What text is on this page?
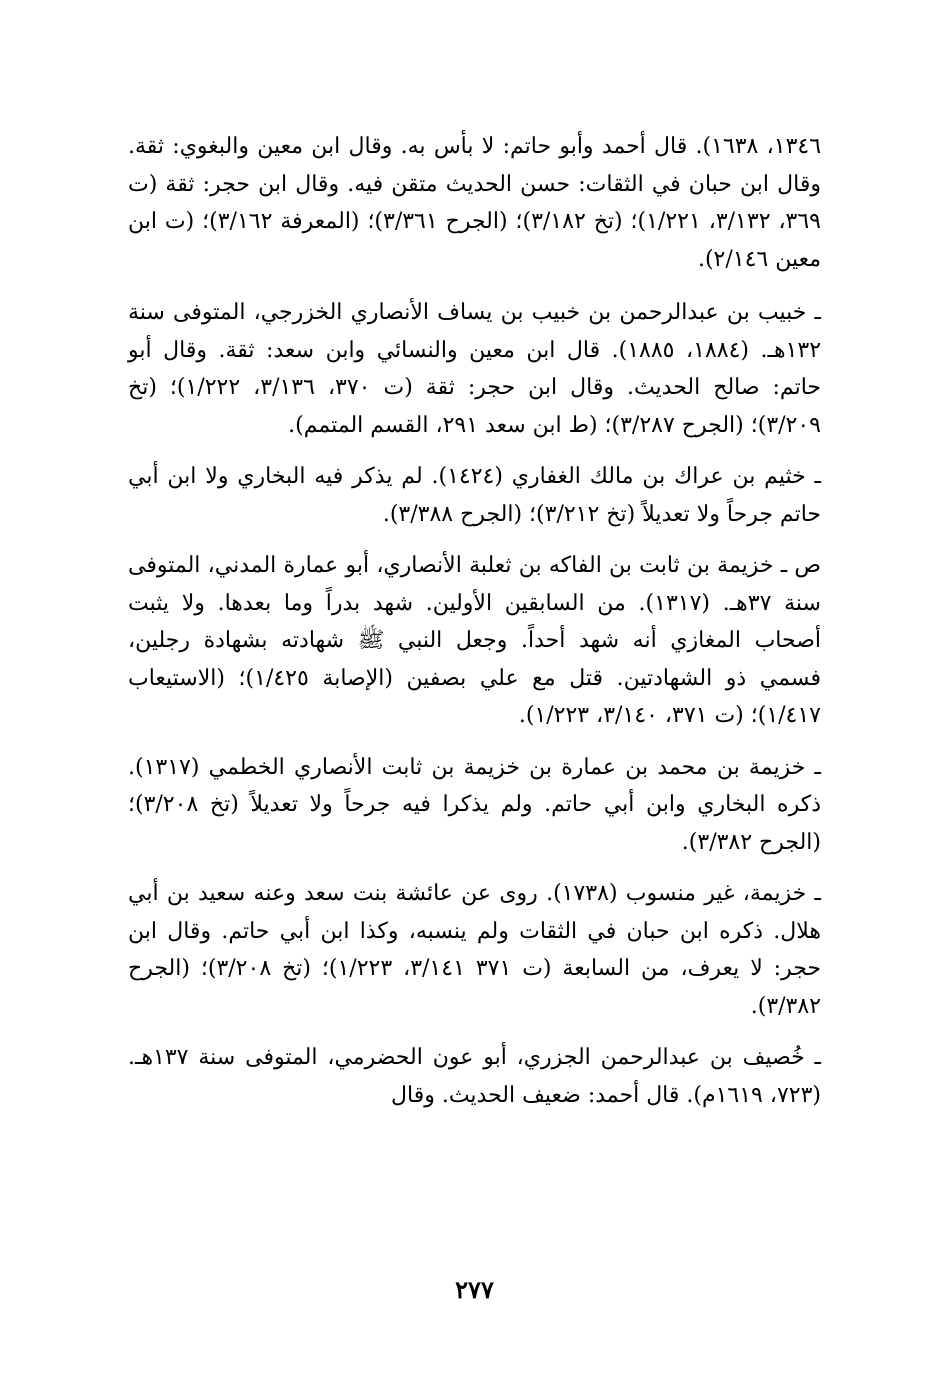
١٣٤٦، ١٦٣٨). قال أحمد وأبو حاتم: لا بأس به. وقال ابن معين والبغوي: ثقة. وقال ابن حبان في الثقات: حسن الحديث متقن فيه. وقال ابن حجر: ثقة (ت ٣٦٩، ٣/١٣٢، ١/٢٢١)؛ (تخ ٣/١٨٢)؛ (الجرح ٣/٣٦١)؛ (المعرفة ٣/١٦٢)؛ (ت ابن معين ٢/١٤٦).

ـ خبيب بن عبدالرحمن بن خبيب بن يساف الأنصاري الخزرجي، المتوفى سنة ١٣٢هـ. (١٨٨٤، ١٨٨٥). قال ابن معين والنسائي وابن سعد: ثقة. وقال أبو حاتم: صالح الحديث. وقال ابن حجر: ثقة (ت ٣٧٠، ٣/١٣٦، ١/٢٢٢)؛ (تخ ٣/٢٠٩)؛ (الجرح ٣/٢٨٧)؛ (ط ابن سعد ٢٩١، القسم المتمم).

ـ خثيم بن عراك بن مالك الغفاري (١٤٢٤). لم يذكر فيه البخاري ولا ابن أبي حاتم جرحاً ولا تعديلاً (تخ ٣/٢١٢)؛ (الجرح ٣/٣٨٨).

ص ـ خزيمة بن ثابت بن الفاكه بن ثعلبة الأنصاري، أبو عمارة المدني، المتوفى سنة ٣٧هـ. (١٣١٧). من السابقين الأولين. شهد بدراً وما بعدها. ولا يثبت أصحاب المغازي أنه شهد أحداً. وجعل النبي ﷺ شهادته بشهادة رجلين، فسمي ذو الشهادتين. قتل مع علي بصفين (الإصابة ١/٤٢٥)؛ (الاستيعاب ١/٤١٧)؛ (ت ٣٧١، ٣/١٤٠، ١/٢٢٣).

ـ خزيمة بن محمد بن عمارة بن خزيمة بن ثابت الأنصاري الخطمي (١٣١٧). ذكره البخاري وابن أبي حاتم. ولم يذكرا فيه جرحاً ولا تعديلاً (تخ ٣/٢٠٨)؛ (الجرح ٣/٣٨٢).

ـ خزيمة، غير منسوب (١٧٣٨). روى عن عائشة بنت سعد وعنه سعيد بن أبي هلال. ذكره ابن حبان في الثقات ولم ينسبه، وكذا ابن أبي حاتم. وقال ابن حجر: لا يعرف، من السابعة (ت ٣٧١ ٣/١٤١، ١/٢٢٣)؛ (تخ ٣/٢٠٨)؛ (الجرح ٣/٣٨٢).

ـ خُصيف بن عبدالرحمن الجزري، أبو عون الحضرمي، المتوفى سنة ١٣٧هـ. (٧٢٣، ١٦١٩م). قال أحمد: ضعيف الحديث. وقال

٢٧٧
